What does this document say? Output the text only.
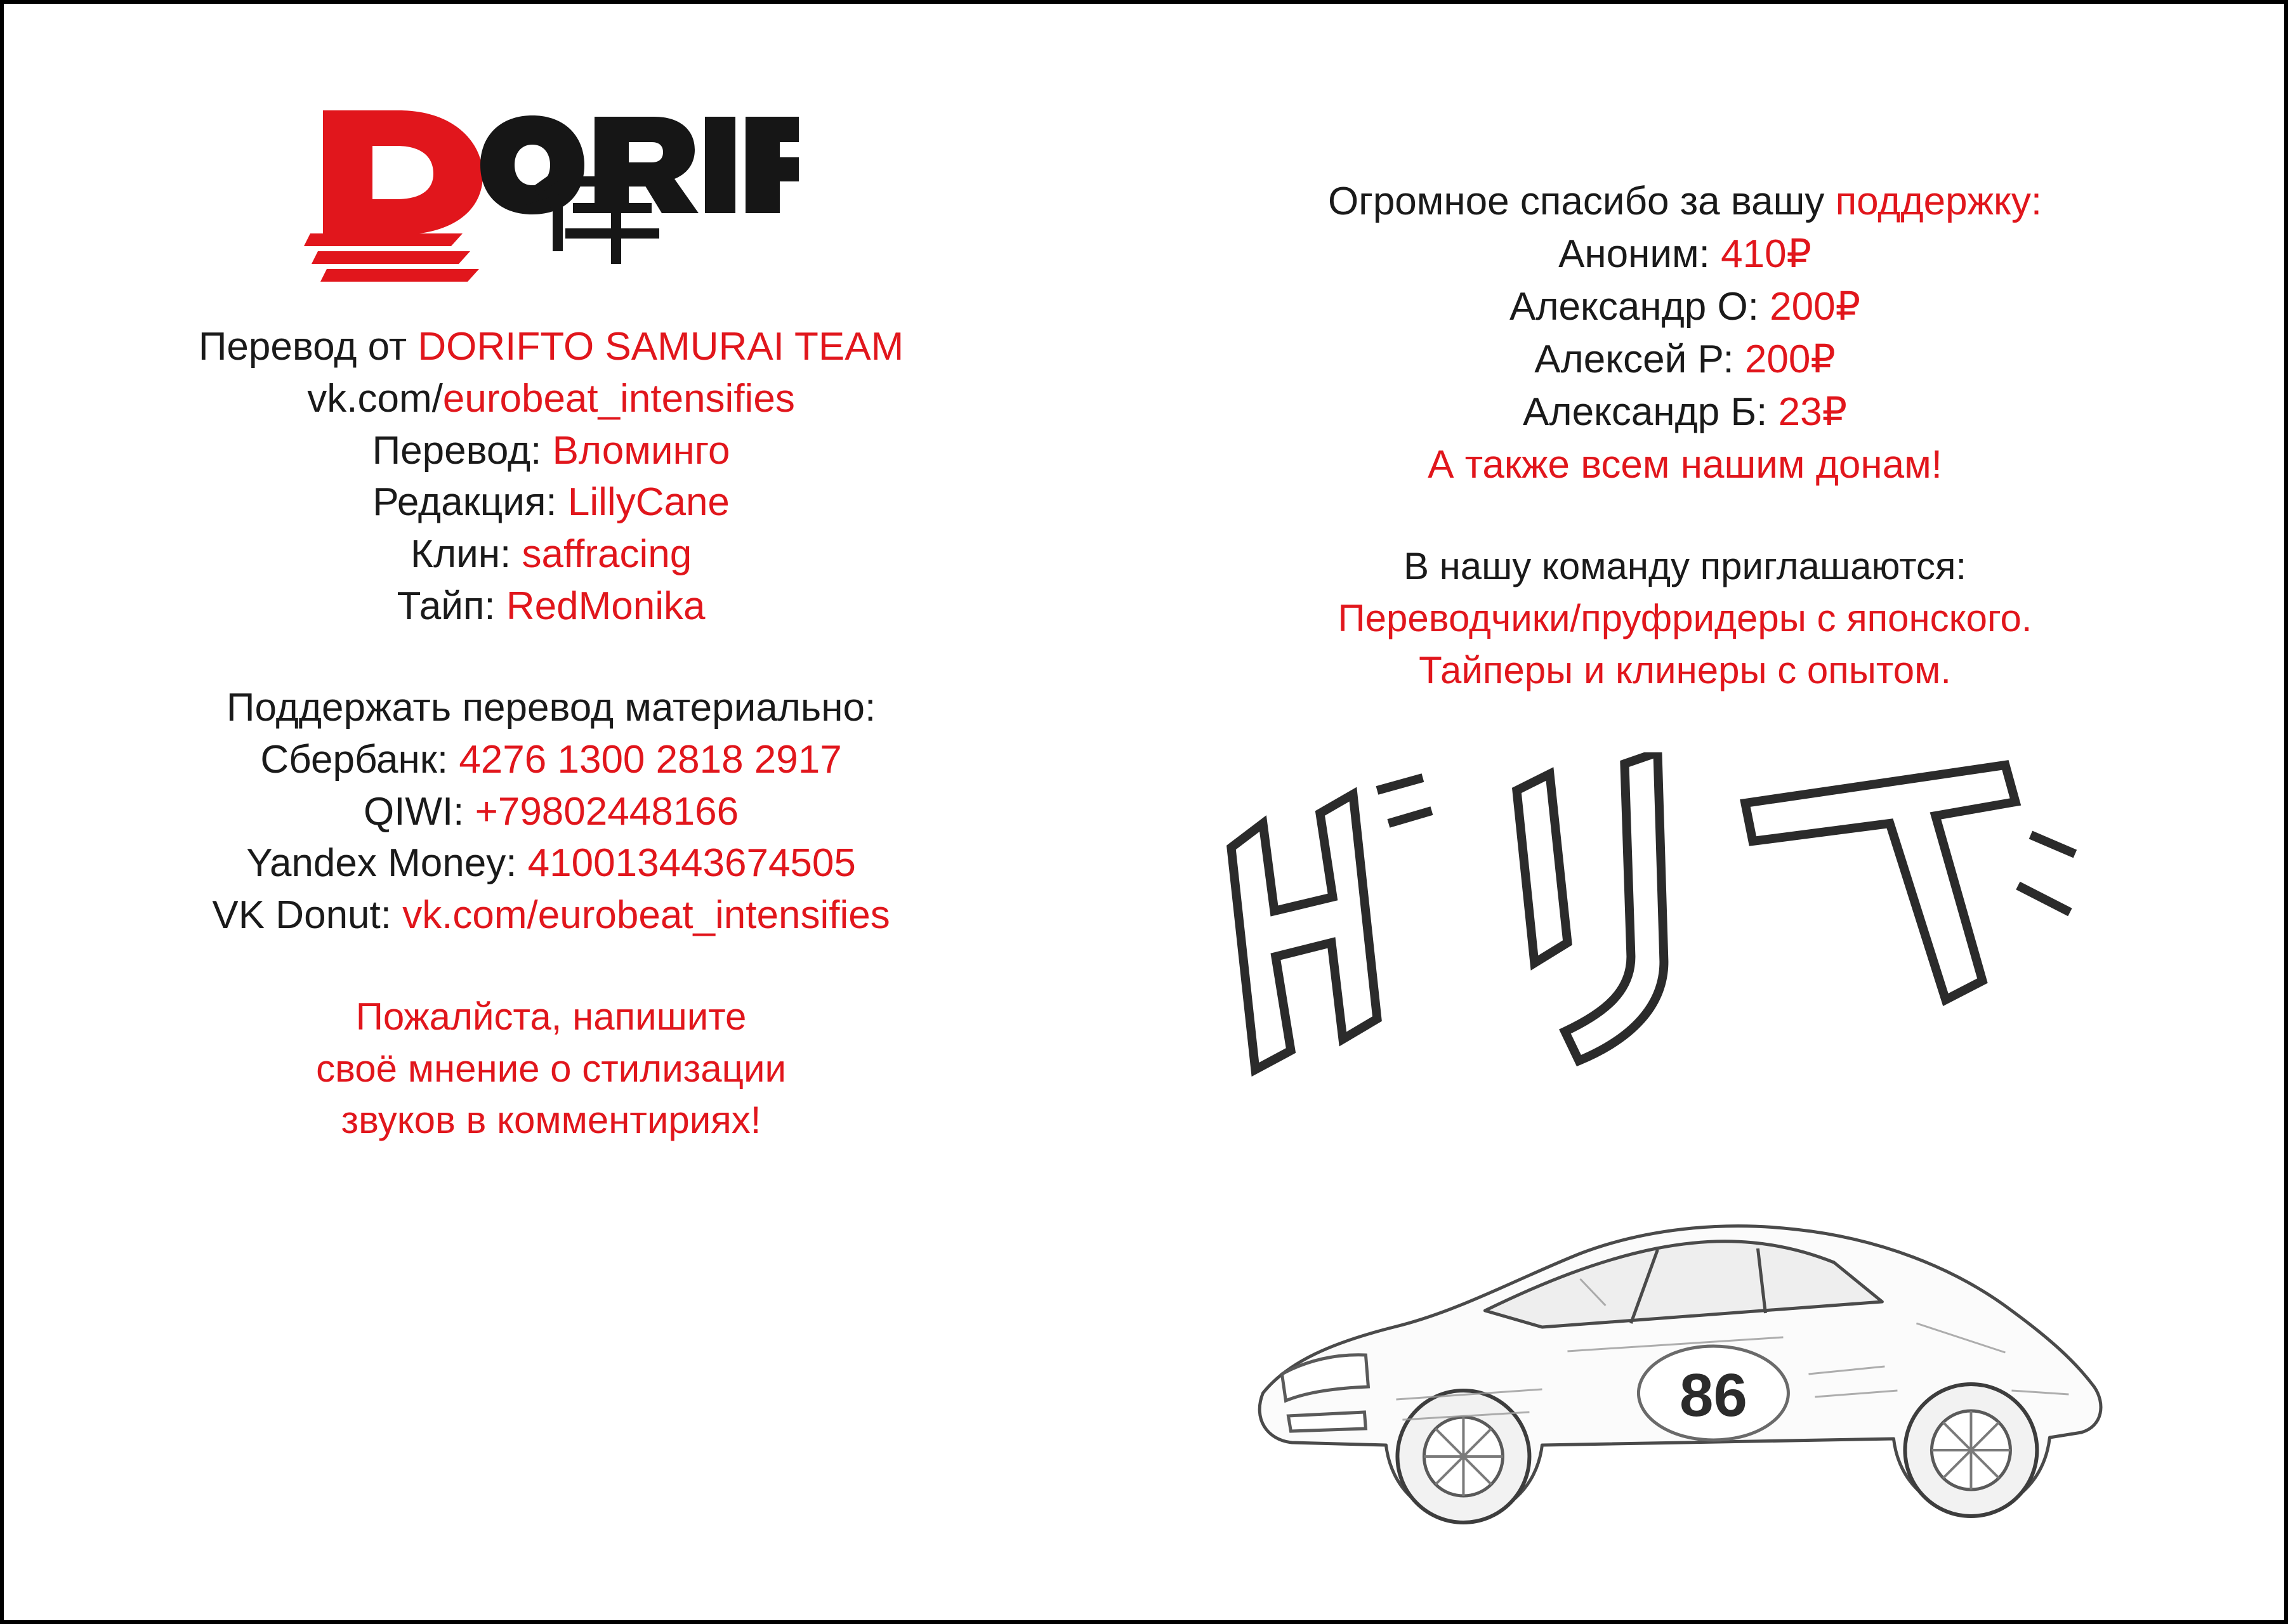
Перевод от DORIFTO SAMURAI TEAM
vk.com/eurobeat_intensifies
Перевод: Вломинго
Редакция: LillyCane
Клин: saffracing
Тайп: RedMonika
Поддержать перевод материально:
Сбербанк: 4276 1300 2818 2917
QIWI: +79802448166
Yandex Money: 410013443674505
VK Donut: vk.com/eurobeat_intensifies
Пожалйста, напишите
своё мнение о стилизации
звуков в комментириях!
Огромное спасибо за вашу поддержку:
Аноним: 410₽
Александр О: 200₽
Алексей Р: 200₽
Александр Б: 23₽
А также всем нашим донам!
В нашу команду приглашаются:
Переводчики/пруфридеры с японского.
Тайперы и клинеры с опытом.
86
